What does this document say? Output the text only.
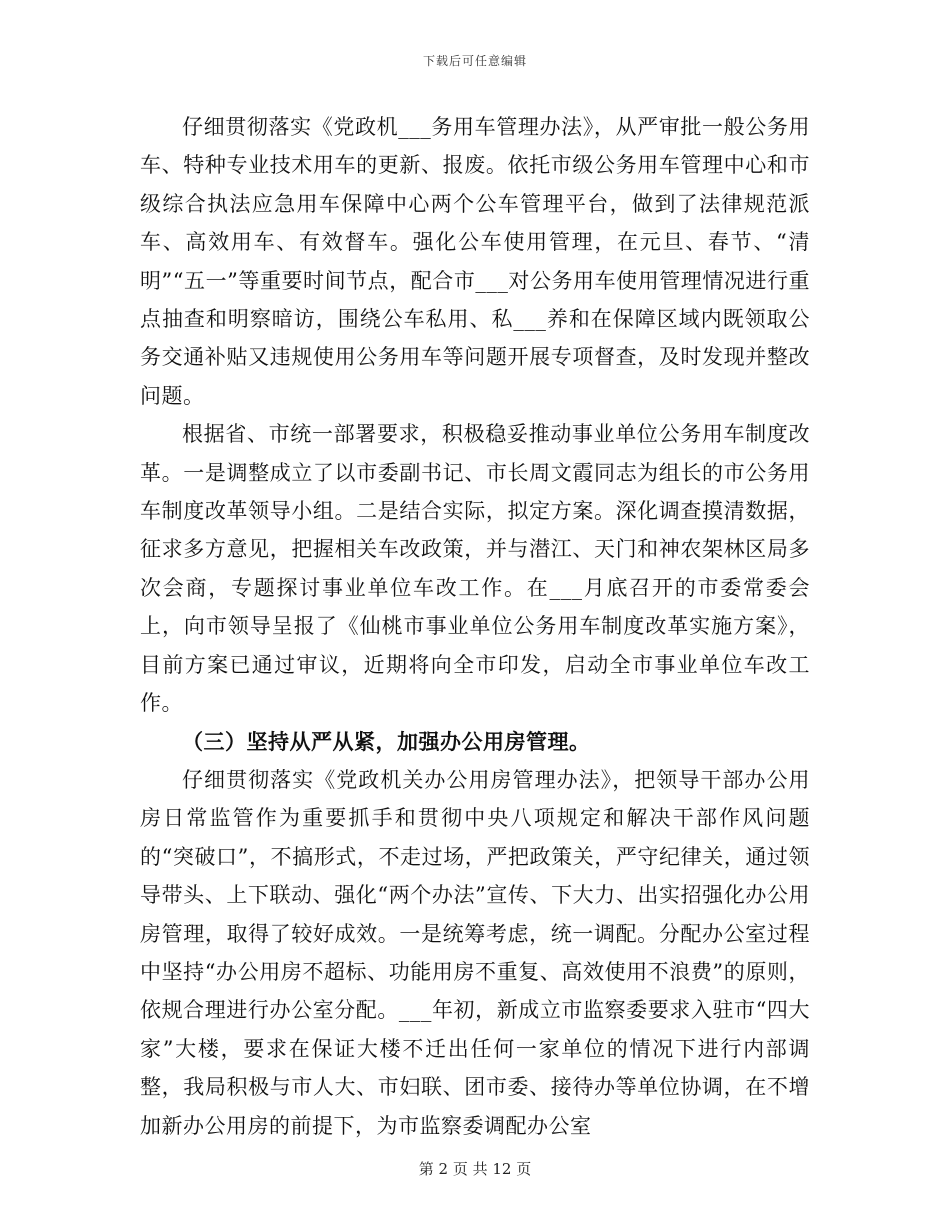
下载后可任意编辑

仔细贯彻落实《党政机___务用车管理办法》，从严审批一般公务用车、特种专业技术用车的更新、报废。依托市级公务用车管理中心和市级综合执法应急用车保障中心两个公车管理平台，做到了法律规范派车、高效用车、有效督车。强化公车使用管理，在元旦、春节、“清明”“五一”等重要时间节点，配合市___对公务用车使用管理情况进行重点抽查和明察暗访，围绕公车私用、私___养和在保障区域内既领取公务交通补贴又违规使用公务用车等问题开展专项督查，及时发现并整改问题。

根据省、市统一部署要求，积极稳妥推动事业单位公务用车制度改革。一是调整成立了以市委副书记、市长周文霞同志为组长的市公务用车制度改革领导小组。二是结合实际，拟定方案。深化调查摸清数据，征求多方意见，把握相关车改政策，并与潜江、天门和神农架林区局多次会商，专题探讨事业单位车改工作。在___月底召开的市委常委会上，向市领导呈报了《仙桃市事业单位公务用车制度改革实施方案》，目前方案已通过审议，近期将向全市印发，启动全市事业单位车改工作。

（三）坚持从严从紧，加强办公用房管理。

仔细贯彻落实《党政机关办公用房管理办法》，把领导干部办公用房日常监管作为重要抓手和贯彻中央八项规定和解决干部作风问题的“突破口”，不搞形式，不走过场，严把政策关，严守纪律关，通过领导带头、上下联动、强化“两个办法”宣传、下大力、出实招强化办公用房管理，取得了较好成效。一是统筹考虑，统一调配。分配办公室过程中坚持“办公用房不超标、功能用房不重复、高效使用不浪费”的原则，依规合理进行办公室分配。___年初，新成立市监察委要求入驻市“四大家”大楼，要求在保证大楼不迁出任何一家单位的情况下进行内部调整，我局积极与市人大、市妇联、团市委、接待办等单位协调，在不增加新办公用房的前提下，为市监察委调配办公室

第 2 页 共 12 页
